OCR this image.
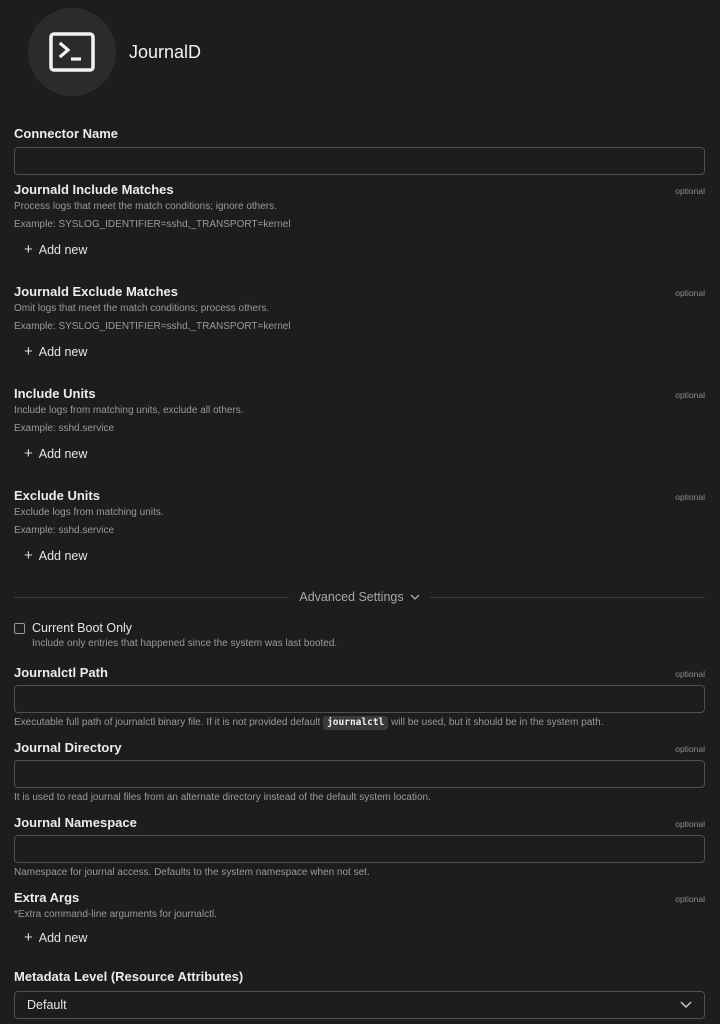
JournalD
Connector Name
Journald Include Matches	optional
Process logs that meet the match conditions; ignore others.
Example: SYSLOG_IDENTIFIER=sshd,_TRANSPORT=kernel
+ Add new
Journald Exclude Matches	optional
Omit logs that meet the match conditions; process others.
Example: SYSLOG_IDENTIFIER=sshd,_TRANSPORT=kernel
+ Add new
Include Units	optional
Include logs from matching units, exclude all others.
Example: sshd.service
+ Add new
Exclude Units	optional
Exclude logs from matching units.
Example: sshd.service
+ Add new
Advanced Settings
Current Boot Only
Include only entries that happened since the system was last booted.
Journalctl Path	optional
Executable full path of journalctl binary file. If it is not provided default journalctl will be used, but it should be in the system path.
Journal Directory	optional
It is used to read journal files from an alternate directory instead of the default system location.
Journal Namespace	optional
Namespace for journal access. Defaults to the system namespace when not set.
Extra Args	optional
*Extra command-line arguments for journalctl.
+ Add new
Metadata Level (Resource Attributes)
Default
